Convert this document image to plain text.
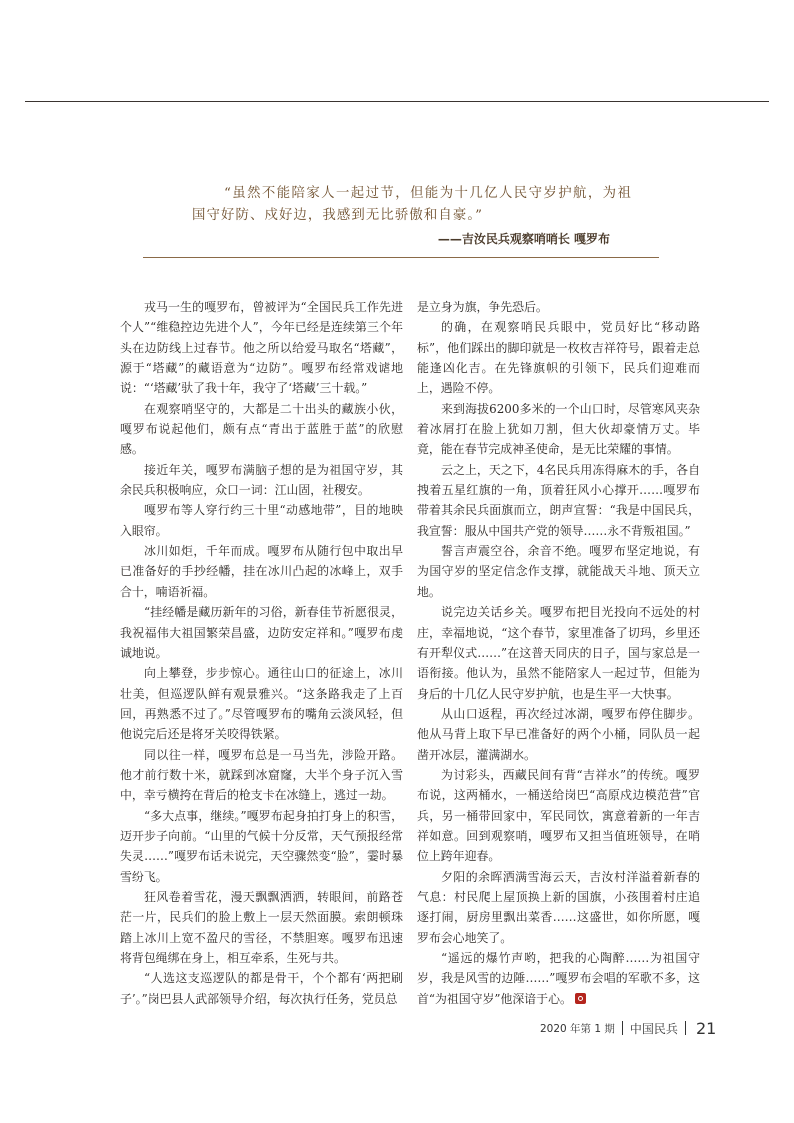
“虽然不能陪家人一起过节，但能为十几亿人民守岁护航，为祖国守好防、戍好边，我感到无比骄傲和自豪。”

——吉汝民兵观察哨哨长 嘎罗布

戎马一生的嘎罗布，曾被评为“全国民兵工作先进个人”“维稳控边先进个人”，今年已经是连续第三个年头在边防线上过春节。他之所以给爱马取名“塔藏”，源于“塔藏”的藏语意为“边防”。嘎罗布经常戏谑地说：“‘塔藏’驮了我十年，我守了‘塔藏’三十载。”

在观察哨坚守的，大都是二十出头的藏族小伙，嘎罗布说起他们，颇有点“青出于蓝胜于蓝”的欣慰感。

接近年关，嘎罗布满脑子想的是为祖国守岁，其余民兵积极响应，众口一词：江山固，社稷安。

嘎罗布等人穿行约三十里“动感地带”，目的地映入眼帘。

冰川如炬，千年而成。嘎罗布从随行包中取出早已准备好的手抄经幡，挂在冰川凸起的冰峰上，双手合十，喃语祈福。

“挂经幡是藏历新年的习俗，新春佳节祈愿很灵，我祝福伟大祖国繁荣昌盛，边防安定祥和。”嘎罗布虔诚地说。

向上攀登，步步惊心。通往山口的征途上，冰川壮美，但巡逻队鲜有观景雅兴。“这条路我走了上百回，再熟悉不过了。”尽管嘎罗布的嘴角云淡风轻，但他说完后还是将牙关咬得铁紧。

同以往一样，嘎罗布总是一马当先，涉险开路。他才前行数十米，就踩到冰窟窿，大半个身子沉入雪中，幸亏横挎在背后的枪支卡在冰缝上，逃过一劫。

“多大点事，继续。”嘎罗布起身拍打身上的积雪，迈开步子向前。“山里的气候十分反常，天气预报经常失灵……”嘎罗布话未说完，天空骤然变“脸”，霎时暴雪纷飞。

狂风卷着雪花，漫天飘飘洒洒，转眼间，前路苍茫一片，民兵们的脸上敷上一层天然面膜。索朗顿珠踏上冰川上宽不盈尺的雪径，不禁胆寒。嘎罗布迅速将背包绳绑在身上，相互牵系，生死与共。

“人选这支巡逻队的都是骨干，个个都有‘两把刷子’。”岗巴县人武部领导介绍，每次执行任务，党员总

是立身为旗，争先恐后。

的确，在观察哨民兵眼中，党员好比“移动路标”，他们踩出的脚印就是一枚枚吉祥符号，跟着走总能逢凶化吉。在先锋旗帜的引领下，民兵们迎难而上，遇险不停。

来到海拔6200多米的一个山口时，尽管寒风夹杂着冰屑打在脸上犹如刀割，但大伙却豪情万丈。毕竟，能在春节完成神圣使命，是无比荣耀的事情。

云之上，天之下，4名民兵用冻得麻木的手，各自拽着五星红旗的一角，顶着狂风小心撑开……嘎罗布带着其余民兵面旗而立，朗声宣誓：“我是中国民兵，我宣誓：服从中国共产党的领导……永不背叛祖国。”

誓言声震空谷，余音不绝。嘎罗布坚定地说，有为国守岁的坚定信念作支撑，就能战天斗地、顶天立地。

说完边关话乡关。嘎罗布把目光投向不远处的村庄，幸福地说，“这个春节，家里准备了切玛，乡里还有开犁仪式……”在这普天同庆的日子，国与家总是一语衔接。他认为，虽然不能陪家人一起过节，但能为身后的十几亿人民守岁护航，也是生平一大快事。

从山口返程，再次经过冰湖，嘎罗布停住脚步。他从马背上取下早已准备好的两个小桶，同队员一起凿开冰层，灌满湖水。

为讨彩头，西藏民间有背“吉祥水”的传统。嘎罗布说，这两桶水，一桶送给岗巴“高原戍边模范营”官兵，另一桶带回家中，军民同饮，寓意着新的一年吉祥如意。回到观察哨，嘎罗布又担当值班领导，在哨位上跨年迎春。

夕阳的余晖洒满雪海云天，吉汝村洋溢着新春的气息：村民爬上屋顶换上新的国旗，小孩围着村庄追逐打闹，厨房里飘出菜香……这盛世，如你所愿，嘎罗布会心地笑了。

“遥远的爆竹声哟，把我的心陶醉……为祖国守岁，我是风雪的边陲……”嘎罗布会唱的军歌不多，这首“为祖国守岁”他深谙于心。

2020 年第 1 期 中国民兵 21
